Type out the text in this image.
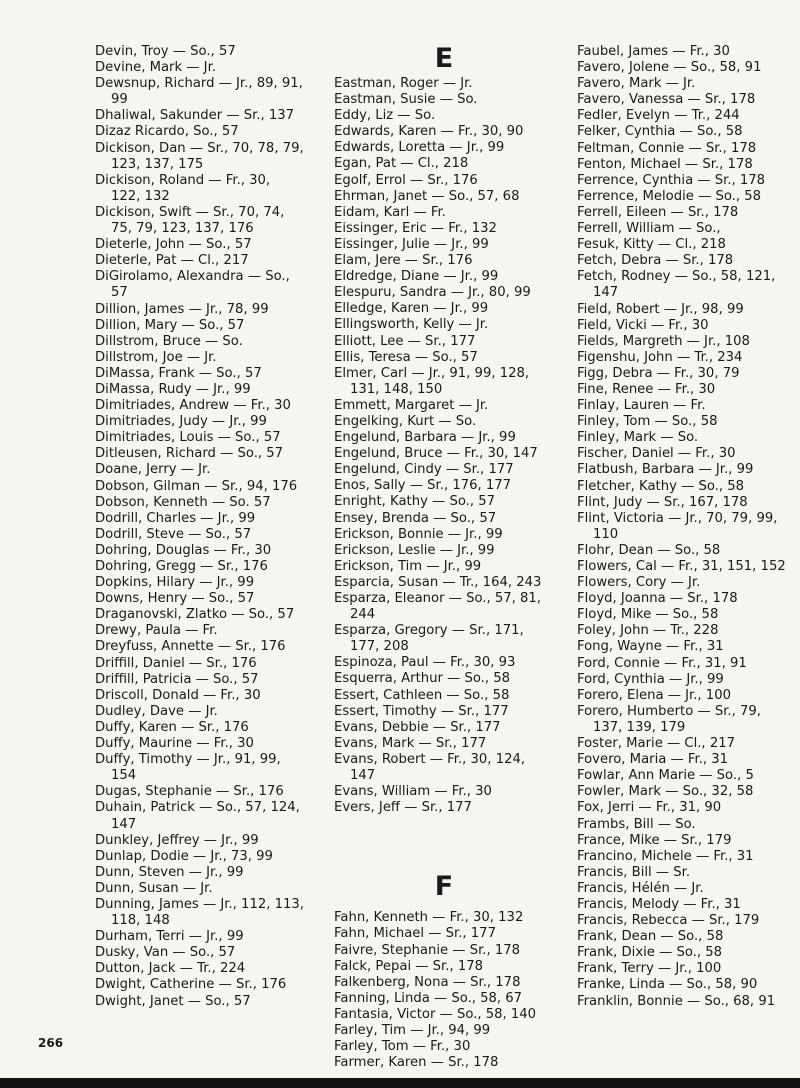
Devin, Troy — So., 57
Devine, Mark — Jr.
Dewsnup, Richard — Jr., 89, 91,
99
Dhaliwal, Sakunder — Sr., 137
Dizaz Ricardo, So., 57
Dickison, Dan — Sr., 70, 78, 79,
123, 137, 175
Dickison, Roland — Fr., 30,
122, 132
Dickison, Swift — Sr., 70, 74,
75, 79, 123, 137, 176
Dieterle, John — So., 57
Dieterle, Pat — Cl., 217
DiGirolamo, Alexandra — So.,
57
Dillion, James — Jr., 78, 99
Dillion, Mary — So., 57
Dillstrom, Bruce — So.
Dillstrom, Joe — Jr.
DiMassa, Frank — So., 57
DiMassa, Rudy — Jr., 99
Dimitriades, Andrew — Fr., 30
Dimitriades, Judy — Jr., 99
Dimitriades, Louis — So., 57
Ditleusen, Richard — So., 57
Doane, Jerry — Jr.
Dobson, Gilman — Sr., 94, 176
Dobson, Kenneth — So. 57
Dodrill, Charles — Jr., 99
Dodrill, Steve — So., 57
Dohring, Douglas — Fr., 30
Dohring, Gregg — Sr., 176
Dopkins, Hilary — Jr., 99
Downs, Henry — So., 57
Draganovski, Zlatko — So., 57
Drewy, Paula — Fr.
Dreyfuss, Annette — Sr., 176
Driffill, Daniel — Sr., 176
Driffill, Patricia — So., 57
Driscoll, Donald — Fr., 30
Dudley, Dave — Jr.
Duffy, Karen — Sr., 176
Duffy, Maurine — Fr., 30
Duffy, Timothy — Jr., 91, 99,
154
Dugas, Stephanie — Sr., 176
Duhain, Patrick — So., 57, 124,
147
Dunkley, Jeffrey — Jr., 99
Dunlap, Dodie — Jr., 73, 99
Dunn, Steven — Jr., 99
Dunn, Susan — Jr.
Dunning, James — Jr., 112, 113,
118, 148
Durham, Terri — Jr., 99
Dusky, Van — So., 57
Dutton, Jack — Tr., 224
Dwight, Catherine — Sr., 176
Dwight, Janet — So., 57
E
Eastman, Roger — Jr.
Eastman, Susie — So.
Eddy, Liz — So.
Edwards, Karen — Fr., 30, 90
Edwards, Loretta — Jr., 99
Egan, Pat — Cl., 218
Egolf, Errol — Sr., 176
Ehrman, Janet — So., 57, 68
Eidam, Karl — Fr.
Eissinger, Eric — Fr., 132
Eissinger, Julie — Jr., 99
Elam, Jere — Sr., 176
Eldredge, Diane — Jr., 99
Elespuru, Sandra — Jr., 80, 99
Elledge, Karen — Jr., 99
Ellingsworth, Kelly — Jr.
Elliott, Lee — Sr., 177
Ellis, Teresa — So., 57
Elmer, Carl — Jr., 91, 99, 128,
131, 148, 150
Emmett, Margaret — Jr.
Engelking, Kurt — So.
Engelund, Barbara — Jr., 99
Engelund, Bruce — Fr., 30, 147
Engelund, Cindy — Sr., 177
Enos, Sally — Sr., 176, 177
Enright, Kathy — So., 57
Ensey, Brenda — So., 57
Erickson, Bonnie — Jr., 99
Erickson, Leslie — Jr., 99
Erickson, Tim — Jr., 99
Esparcia, Susan — Tr., 164, 243
Esparza, Eleanor — So., 57, 81,
244
Esparza, Gregory — Sr., 171,
177, 208
Espinoza, Paul — Fr., 30, 93
Esquerra, Arthur — So., 58
Essert, Cathleen — So., 58
Essert, Timothy — Sr., 177
Evans, Debbie — Sr., 177
Evans, Mark — Sr., 177
Evans, Robert — Fr., 30, 124,
147
Evans, William — Fr., 30
Evers, Jeff — Sr., 177
F
Fahn, Kenneth — Fr., 30, 132
Fahn, Michael — Sr., 177
Faivre, Stephanie — Sr., 178
Falck, Pepai — Sr., 178
Falkenberg, Nona — Sr., 178
Fanning, Linda — So., 58, 67
Fantasia, Victor — So., 58, 140
Farley, Tim — Jr., 94, 99
Farley, Tom — Fr., 30
Farmer, Karen — Sr., 178
Faubel, James — Fr., 30
Favero, Jolene — So., 58, 91
Favero, Mark — Jr.
Favero, Vanessa — Sr., 178
Fedler, Evelyn — Tr., 244
Felker, Cynthia — So., 58
Feltman, Connie — Sr., 178
Fenton, Michael — Sr., 178
Ferrence, Cynthia — Sr., 178
Ferrence, Melodie — So., 58
Ferrell, Eileen — Sr., 178
Ferrell, William — So.,
Fesuk, Kitty — Cl., 218
Fetch, Debra — Sr., 178
Fetch, Rodney — So., 58, 121,
147
Field, Robert — Jr., 98, 99
Field, Vicki — Fr., 30
Fields, Margreth — Jr., 108
Figenshu, John — Tr., 234
Figg, Debra — Fr., 30, 79
Fine, Renee — Fr., 30
Finlay, Lauren — Fr.
Finley, Tom — So., 58
Finley, Mark — So.
Fischer, Daniel — Fr., 30
Flatbush, Barbara — Jr., 99
Fletcher, Kathy — So., 58
Flint, Judy — Sr., 167, 178
Flint, Victoria — Jr., 70, 79, 99,
110
Flohr, Dean — So., 58
Flowers, Cal — Fr., 31, 151, 152
Flowers, Cory — Jr.
Floyd, Joanna — Sr., 178
Floyd, Mike — So., 58
Foley, John — Tr., 228
Fong, Wayne — Fr., 31
Ford, Connie — Fr., 31, 91
Ford, Cynthia — Jr., 99
Forero, Elena — Jr., 100
Forero, Humberto — Sr., 79,
137, 139, 179
Foster, Marie — Cl., 217
Fovero, Maria — Fr., 31
Fowlar, Ann Marie — So., 5
Fowler, Mark — So., 32, 58
Fox, Jerri — Fr., 31, 90
Frambs, Bill — So.
France, Mike — Sr., 179
Francino, Michele — Fr., 31
Francis, Bill — Sr.
Francis, Hélén — Jr.
Francis, Melody — Fr., 31
Francis, Rebecca — Sr., 179
Frank, Dean — So., 58
Frank, Dixie — So., 58
Frank, Terry — Jr., 100
Franke, Linda — So., 58, 90
Franklin, Bonnie — So., 68, 91
266
